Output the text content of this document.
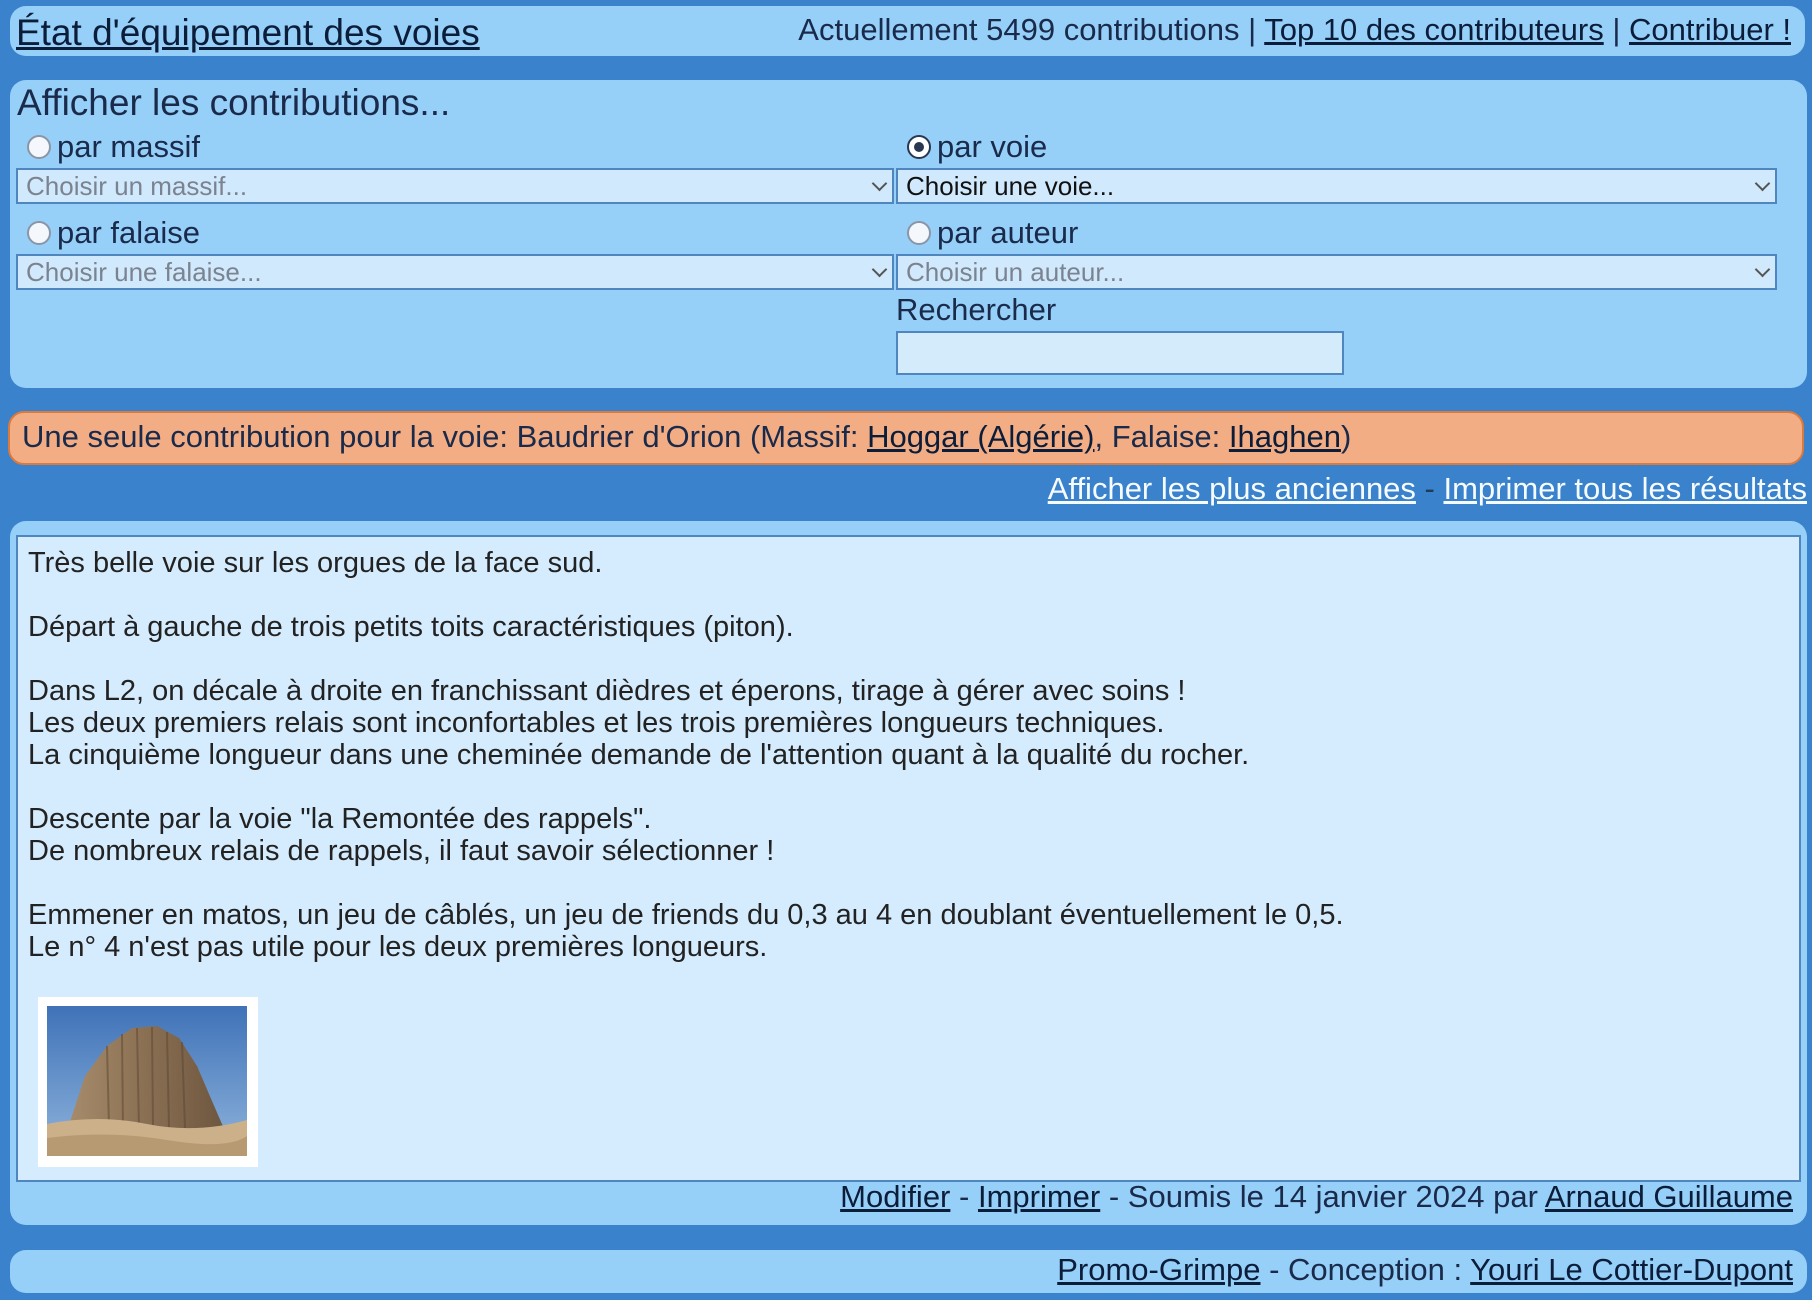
État d'équipement des voies	Actuellement 5499 contributions | Top 10 des contributeurs | Contribuer !
Afficher les contributions...
par massif	par voie
Choisir un massif...	Choisir une voie...
par falaise	par auteur
Choisir une falaise...	Choisir un auteur...
Rechercher
Une seule contribution pour la voie: Baudrier d'Orion (Massif: Hoggar (Algérie), Falaise: Ihaghen)
Afficher les plus anciennes - Imprimer tous les résultats
Très belle voie sur les orgues de la face sud.
Départ à gauche de trois petits toits caractéristiques (piton).
Dans L2, on décale à droite en franchissant dièdres et éperons, tirage à gérer avec soins !
Les deux premiers relais sont inconfortables et les trois premières longueurs techniques.
La cinquième longueur dans une cheminée demande de l'attention quant à la qualité du rocher.
Descente par la voie "la Remontée des rappels".
De nombreux relais de rappels, il faut savoir sélectionner !
Emmener en matos, un jeu de câblés, un jeu de friends du 0,3 au 4 en doublant éventuellement le 0,5.
Le n° 4 n'est pas utile pour les deux premières longueurs.
Modifier - Imprimer - Soumis le 14 janvier 2024 par Arnaud Guillaume
Promo-Grimpe - Conception : Youri Le Cottier-Dupont
